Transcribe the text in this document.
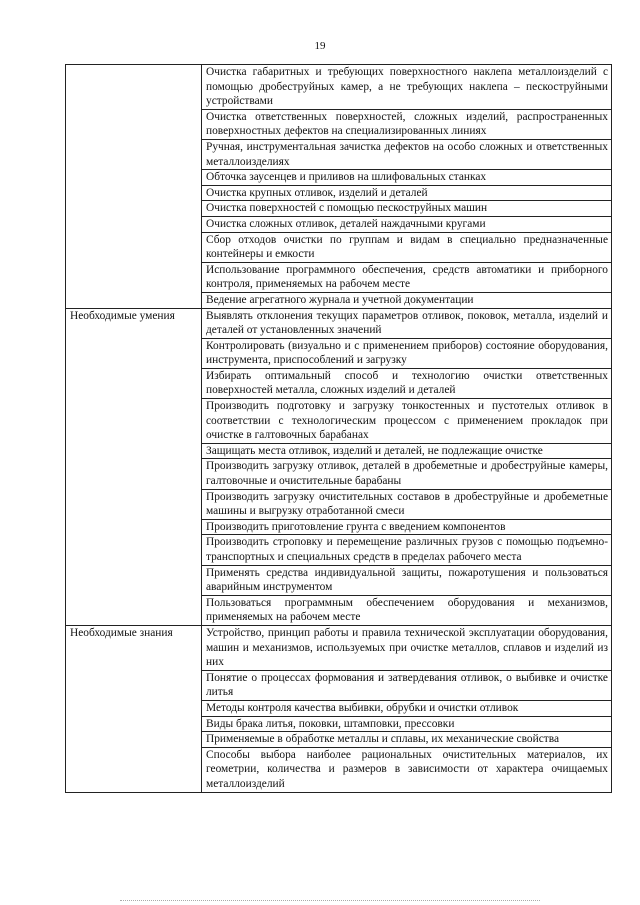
19
	Очистка габаритных и требующих поверхностного наклепа металлоизделий с помощью дробеструйных камер, а не требующих наклепа – пескоструйными устройствами
	Очистка ответственных поверхностей, сложных изделий, распространенных поверхностных дефектов на специализированных линиях
	Ручная, инструментальная зачистка дефектов на особо сложных и ответственных металлоизделиях
	Обточка заусенцев и приливов на шлифовальных станках
	Очистка крупных отливок, изделий и деталей
	Очистка поверхностей с помощью пескоструйных машин
	Очистка сложных отливок, деталей наждачными кругами
	Сбор отходов очистки по группам и видам в специально предназначенные контейнеры и емкости
	Использование программного обеспечения, средств автоматики и приборного контроля, применяемых на рабочем месте
	Ведение агрегатного журнала и учетной документации
Необходимые умения	Выявлять отклонения текущих параметров отливок, поковок, металла, изделий и деталей от установленных значений
	Контролировать (визуально и с применением приборов) состояние оборудования, инструмента, приспособлений и загрузку
	Избирать оптимальный способ и технологию очистки ответственных поверхностей металла, сложных изделий и деталей
	Производить подготовку и загрузку тонкостенных и пустотелых отливок в соответствии с технологическим процессом с применением прокладок при очистке в галтовочных барабанах
	Защищать места отливок, изделий и деталей, не подлежащие очистке
	Производить загрузку отливок, деталей в дробеметные и дробеструйные камеры, галтовочные и очистительные барабаны
	Производить загрузку очистительных составов в дробеструйные и дробеметные машины и выгрузку отработанной смеси
	Производить приготовление грунта с введением компонентов
	Производить строповку и перемещение различных грузов с помощью подъемно-транспортных и специальных средств в пределах рабочего места
	Применять средства индивидуальной защиты, пожаротушения и пользоваться аварийным инструментом
	Пользоваться программным обеспечением оборудования и механизмов, применяемых на рабочем месте
Необходимые знания	Устройство, принцип работы и правила технической эксплуатации оборудования, машин и механизмов, используемых при очистке металлов, сплавов и изделий из них
	Понятие о процессах формования и затвердевания отливок, о выбивке и очистке литья
	Методы контроля качества выбивки, обрубки и очистки отливок
	Виды брака литья, поковки, штамповки, прессовки
	Применяемые в обработке металлы и сплавы, их механические свойства
	Способы выбора наиболее рациональных очистительных материалов, их геометрии, количества и размеров в зависимости от характера очищаемых металлоизделий
